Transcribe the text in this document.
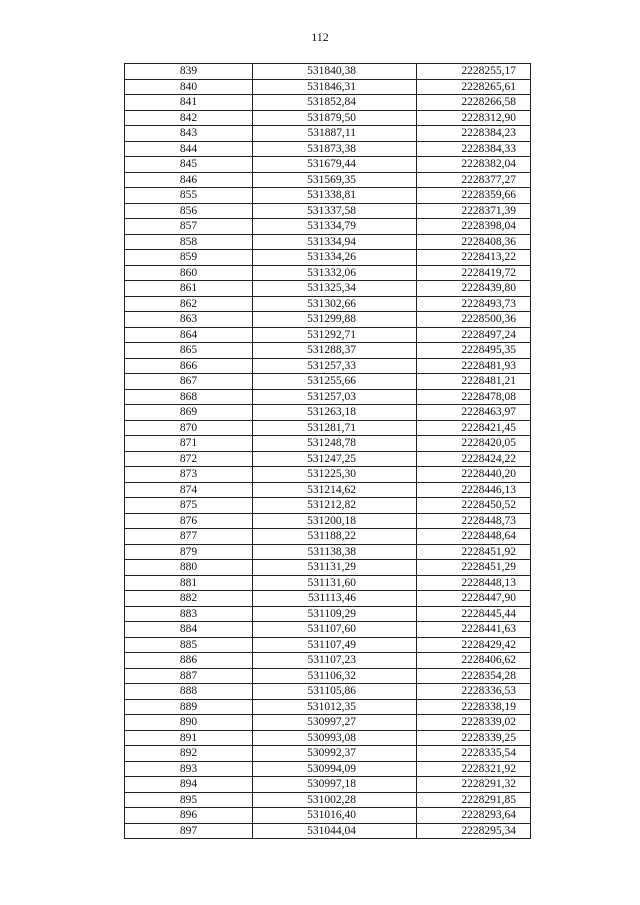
112
839	531840,38	2228255,17
840	531846,31	2228265,61
841	531852,84	2228266,58
842	531879,50	2228312,90
843	531887,11	2228384,23
844	531873,38	2228384,33
845	531679,44	2228382,04
846	531569,35	2228377,27
855	531338,81	2228359,66
856	531337,58	2228371,39
857	531334,79	2228398,04
858	531334,94	2228408,36
859	531334,26	2228413,22
860	531332,06	2228419,72
861	531325,34	2228439,80
862	531302,66	2228493,73
863	531299,88	2228500,36
864	531292,71	2228497,24
865	531288,37	2228495,35
866	531257,33	2228481,93
867	531255,66	2228481,21
868	531257,03	2228478,08
869	531263,18	2228463,97
870	531281,71	2228421,45
871	531248,78	2228420,05
872	531247,25	2228424,22
873	531225,30	2228440,20
874	531214,62	2228446,13
875	531212,82	2228450,52
876	531200,18	2228448,73
877	531188,22	2228448,64
879	531138,38	2228451,92
880	531131,29	2228451,29
881	531131,60	2228448,13
882	531113,46	2228447,90
883	531109,29	2228445,44
884	531107,60	2228441,63
885	531107,49	2228429,42
886	531107,23	2228406,62
887	531106,32	2228354,28
888	531105,86	2228336,53
889	531012,35	2228338,19
890	530997,27	2228339,02
891	530993,08	2228339,25
892	530992,37	2228335,54
893	530994,09	2228321,92
894	530997,18	2228291,32
895	531002,28	2228291,85
896	531016,40	2228293,64
897	531044,04	2228295,34
